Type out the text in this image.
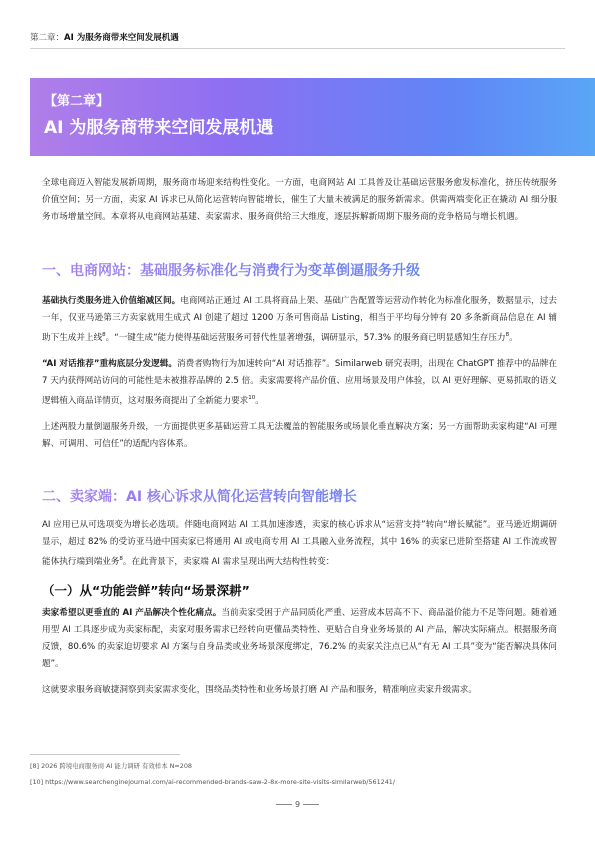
第二章：AI 为服务商带来空间发展机遇
【第二章】
AI 为服务商带来空间发展机遇

全球电商迈入智能发展新周期，服务商市场迎来结构性变化。一方面，电商网站 AI 工具普及让基础运营服务愈发标准化，挤压传统服务价值空间；另一方面，卖家 AI 诉求已从简化运营转向智能增长，催生了大量未被满足的服务新需求。供需两端变化正在撬动 AI 细分服务市场增量空间。本章将从电商网站基建、卖家需求、服务商供给三大维度，逐层拆解新周期下服务商的竞争格局与增长机遇。

一、电商网站：基础服务标准化与消费行为变革倒逼服务升级

基础执行类服务进入价值缩减区间。电商网站正通过 AI 工具将商品上架、基础广告配置等运营动作转化为标准化服务，数据显示，过去一年，仅亚马逊第三方卖家就用生成式 AI 创建了超过 1200 万条可售商品 Listing，相当于平均每分钟有 20 多条新商品信息在 AI 辅助下生成并上线$^8$。“一键生成”能力使得基础运营服务可替代性显著增强，调研显示，57.3% 的服务商已明显感知生存压力$^8$。

“AI 对话推荐”重构底层分发逻辑。消费者购物行为加速转向“AI 对话推荐”。Similarweb 研究表明，出现在 ChatGPT 推荐中的品牌在 7 天内获得网站访问的可能性是未被推荐品牌的 2.5 倍。卖家需要将产品价值、应用场景及用户体验，以 AI 更好理解、更易抓取的语义逻辑植入商品详情页，这对服务商提出了全新能力要求$^{10}$。

上述两股力量倒逼服务升级，一方面提供更多基础运营工具无法覆盖的智能服务或场景化垂直解决方案；另一方面帮助卖家构建“AI 可理解、可调用、可信任”的适配内容体系。

二、卖家端：AI 核心诉求从简化运营转向智能增长

AI 应用已从可选项变为增长必选项。伴随电商网站 AI 工具加速渗透，卖家的核心诉求从“运营支持”转向“增长赋能”。亚马逊近期调研显示，超过 82% 的受访亚马逊中国卖家已将通用 AI 或电商专用 AI 工具融入业务流程，其中 16% 的卖家已进阶至搭建 AI 工作流或智能体执行端到端业务$^8$。在此背景下，卖家端 AI 需求呈现出两大结构性转变：

（一）从“功能尝鲜”转向“场景深耕”

卖家希望以更垂直的 AI 产品解决个性化痛点。当前卖家受困于产品同质化严重、运营成本居高不下、商品溢价能力不足等问题。随着通用型 AI 工具逐步成为卖家标配，卖家对服务需求已经转向更懂品类特性、更贴合自身业务场景的 AI 产品，解决实际痛点。根据服务商反馈，80.6% 的卖家迫切要求 AI 方案与自身品类或业务场景深度绑定，76.2% 的卖家关注点已从“有无 AI 工具”变为“能否解决具体问题”。

这就要求服务商敏捷洞察到卖家需求变化，围绕品类特性和业务场景打磨 AI 产品和服务，精准响应卖家升级需求。

[8] 2026 跨境电商服务商 AI 能力调研 有效样本 N=208
[10] https://www.searchenginejournal.com/ai-recommended-brands-saw-2-8x-more-site-visits-similarweb/561241/
9
